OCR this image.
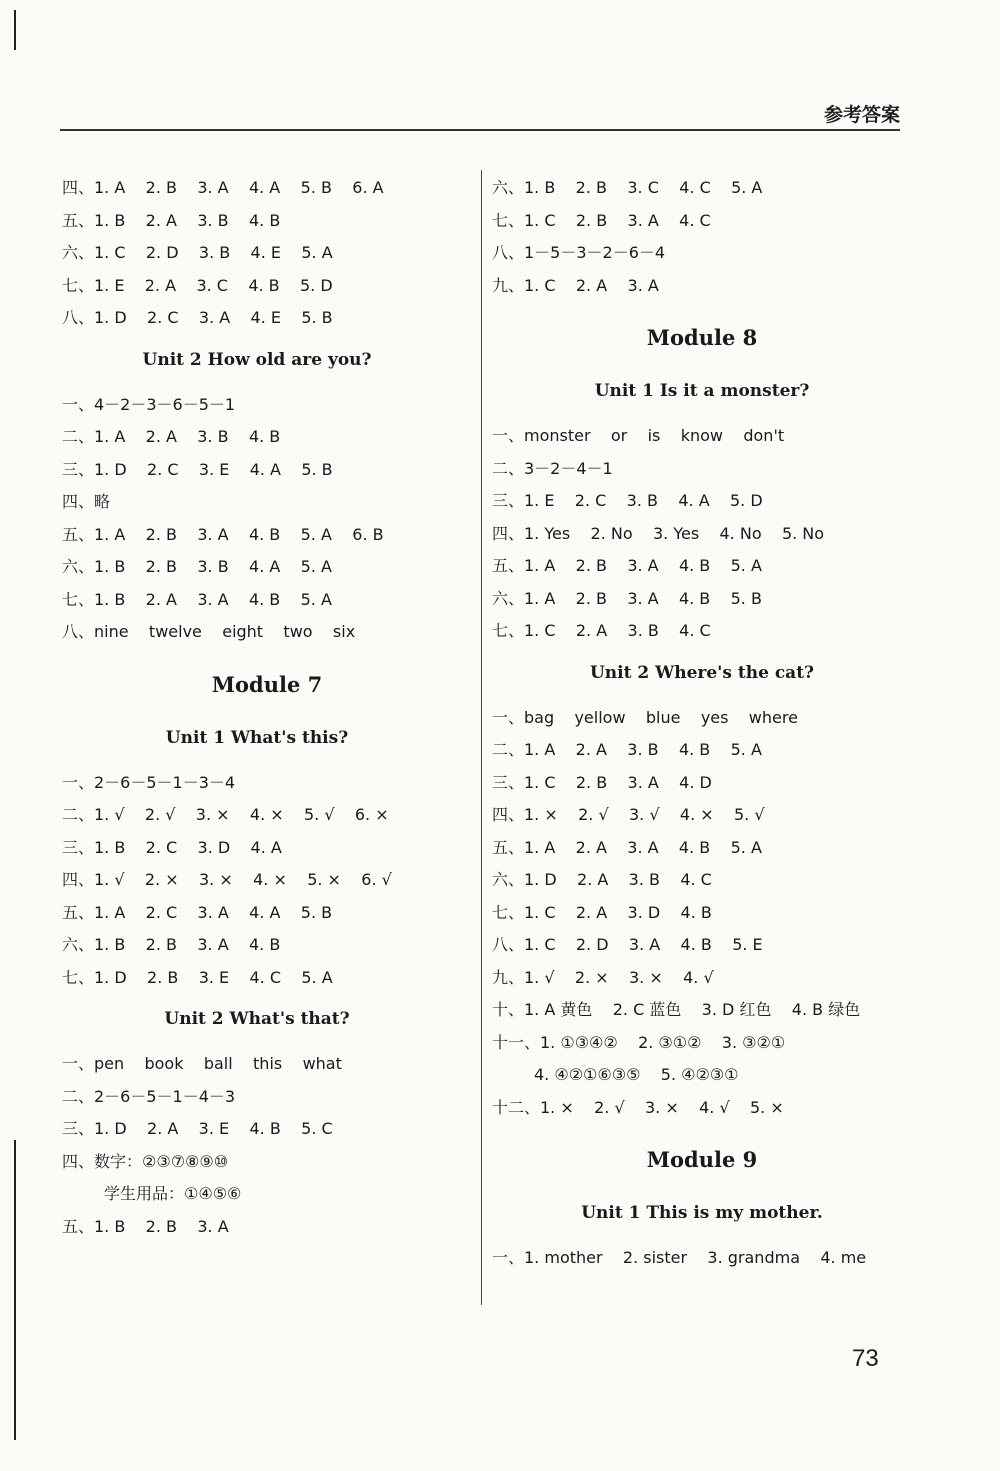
参考答案
四、1. A    2. B    3. A    4. A    5. B    6. A
五、1. B    2. A    3. B    4. B
六、1. C    2. D    3. B    4. E    5. A
七、1. E    2. A    3. C    4. B    5. D
八、1. D    2. C    3. A    4. E    5. B
Unit 2 How old are you?
一、4－2－3－6－5－1
二、1. A    2. A    3. B    4. B
三、1. D    2. C    3. E    4. A    5. B
四、略
五、1. A    2. B    3. A    4. B    5. A    6. B
六、1. B    2. B    3. B    4. A    5. A
七、1. B    2. A    3. A    4. B    5. A
八、nine    twelve    eight    two    six
Module 7
Unit 1 What's this?
一、2－6－5－1－3－4
二、1. √    2. √    3. ×    4. ×    5. √    6. ×
三、1. B    2. C    3. D    4. A
四、1. √    2. ×    3. ×    4. ×    5. ×    6. √
五、1. A    2. C    3. A    4. A    5. B
六、1. B    2. B    3. A    4. B
七、1. D    2. B    3. E    4. C    5. A
Unit 2 What's that?
一、pen    book    ball    this    what
二、2－6－5－1－4－3
三、1. D    2. A    3. E    4. B    5. C
四、数字：②③⑦⑧⑨⑩
学生用品：①④⑤⑥
五、1. B    2. B    3. A
六、1. B    2. B    3. C    4. C    5. A
七、1. C    2. B    3. A    4. C
八、1－5－3－2－6－4
九、1. C    2. A    3. A
Module 8
Unit 1 Is it a monster?
一、monster    or    is    know    don't
二、3－2－4－1
三、1. E    2. C    3. B    4. A    5. D
四、1. Yes    2. No    3. Yes    4. No    5. No
五、1. A    2. B    3. A    4. B    5. A
六、1. A    2. B    3. A    4. B    5. B
七、1. C    2. A    3. B    4. C
Unit 2 Where's the cat?
一、bag    yellow    blue    yes    where
二、1. A    2. A    3. B    4. B    5. A
三、1. C    2. B    3. A    4. D
四、1. ×    2. √    3. √    4. ×    5. √
五、1. A    2. A    3. A    4. B    5. A
六、1. D    2. A    3. B    4. C
七、1. C    2. A    3. D    4. B
八、1. C    2. D    3. A    4. B    5. E
九、1. √    2. ×    3. ×    4. √
十、1. A 黄色    2. C 蓝色    3. D 红色    4. B 绿色
十一、1. ①③④②    2. ③①②    3. ③②①
4. ④②①⑥③⑤    5. ④②③①
十二、1. ×    2. √    3. ×    4. √    5. ×
Module 9
Unit 1 This is my mother.
一、1. mother    2. sister    3. grandma    4. me
73
